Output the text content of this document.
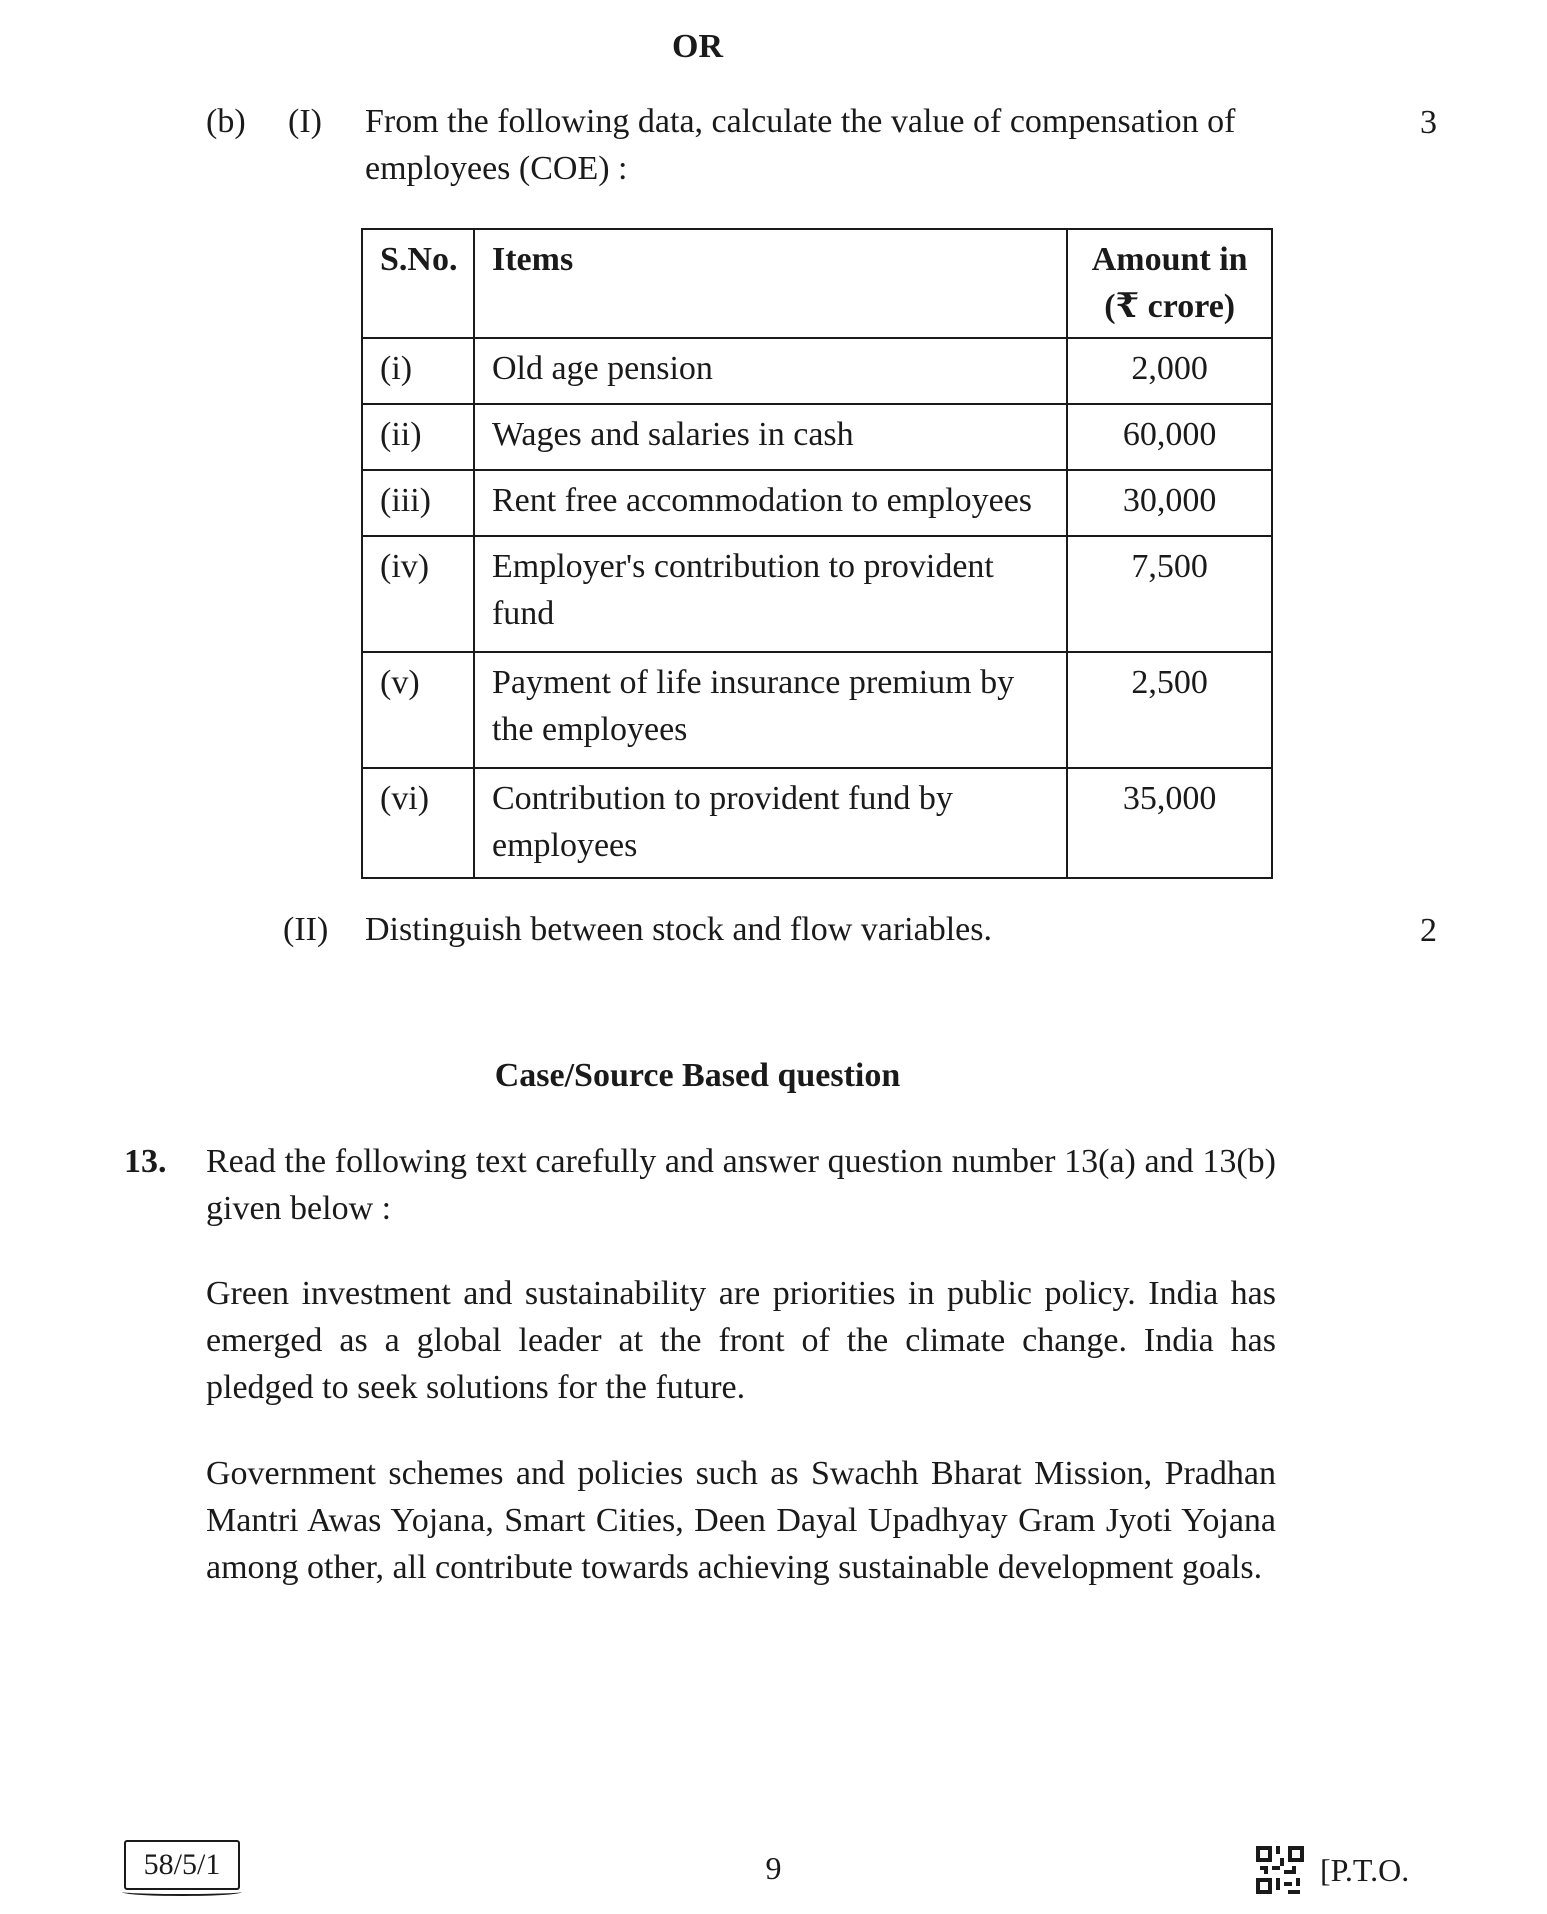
OR
(b) (I) From the following data, calculate the value of compensation of
employees (COE) :
3
S.No.	Items	Amount in
(₹ crore)

(i)	Old age pension	2,000
(ii)	Wages and salaries in cash	60,000
(iii)	Rent free accommodation to employees	30,000
(iv)	Employer's contribution to provident fund	7,500
(v)	Payment of life insurance premium by the employees	2,500
(vi)	Contribution to provident fund by employees	35,000
(II) Distinguish between stock and flow variables.	2
Case/Source Based question
13. Read the following text carefully and answer question number 13(a) and 13(b) given below :
Green investment and sustainability are priorities in public policy. India has emerged as a global leader at the front of the climate change. India has pledged to seek solutions for the future.
Government schemes and policies such as Swachh Bharat Mission, Pradhan Mantri Awas Yojana, Smart Cities, Deen Dayal Upadhyay Gram Jyoti Yojana among other, all contribute towards achieving sustainable development goals.
58/5/1	9	[P.T.O.
